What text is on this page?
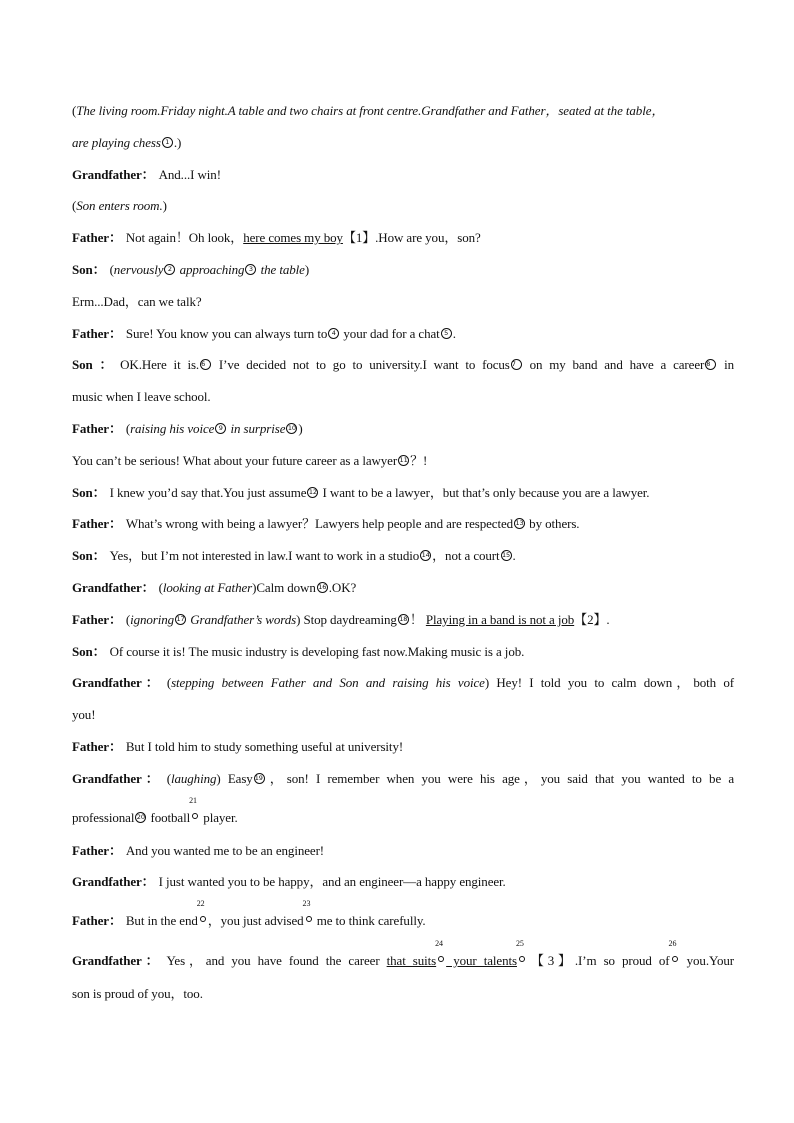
(The living room.Friday night.A table and two chairs at front centre.Grandfather and Father，seated at the table，
are playing chess 1 .)
Grandfather： And...I win!
(Son enters room.)
Father： Not again！Oh look，here comes my boy【1】.How are you，son?
Son： (nervously 2 approaching 3 the table)
Erm...Dad，can we talk?
Father： Sure! You know you can always turn to 4 your dad for a chat 5 .
Son ： OK.Here it is. 6 I’ve decided not to go to university.I want to focus 7 on my band and have a career 8 in
music when I leave school.
Father： (raising his voice 9 in surprise 10 )
You can’t be serious! What about your future career as a lawyer 11 ？!
Son： I knew you’d say that.You just assume 12 I want to be a lawyer，but that’s only because you are a lawyer.
Father： What’s wrong with being a lawyer？Lawyers help people and are respected 13 by others.
Son： Yes，but I’m not interested in law.I want to work in a studio 14 ，not a court 15 .
Grandfather： (looking at Father)Calm down 16 .OK?
Father： (ignoring 17 Grandfather’s words) Stop daydreaming 18 ！ Playing in a band is not a job【2】.
Son： Of course it is! The music industry is developing fast now.Making music is a job.
Grandfather： (stepping between Father and Son and raising his voice) Hey! I told you to calm down，both of
you!
Father： But I told him to study something useful at university!
Grandfather： (laughing) Easy 19 ，son! I remember when you were his age，you said that you wanted to be a
professional 20 football
21
player.
Father： And you wanted me to be an engineer!
Grandfather： I just wanted you to be happy，and an engineer—a happy engineer.
Father： But in the end
22
，you just advised
23
me to think carefully.
Grandfather： Yes，and you have found the career that suits
24
your talents
25
【3】.I’m so proud of
26
you.Your
son is proud of you，too.
